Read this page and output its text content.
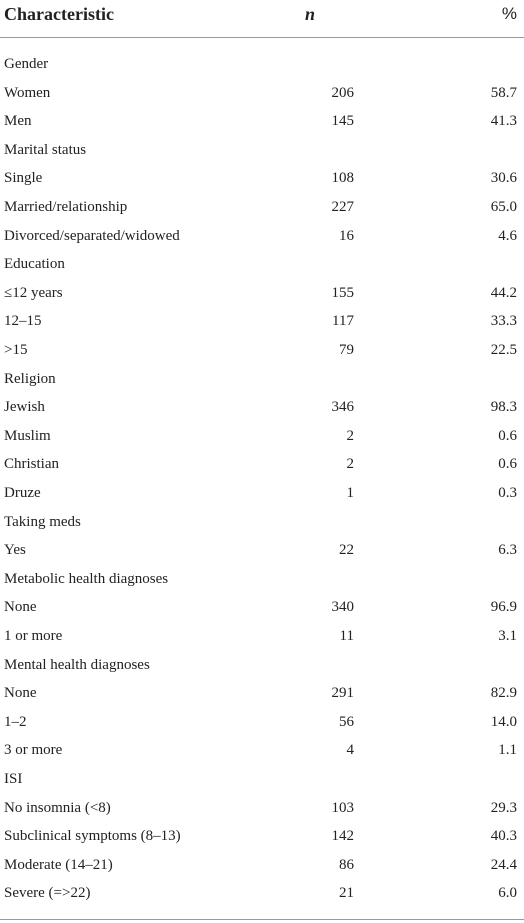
Characteristic	n	%
Gender
Women	206	58.7
Men	145	41.3
Marital status
Single	108	30.6
Married/relationship	227	65.0
Divorced/separated/widowed	16	4.6
Education
≤12 years	155	44.2
12–15	117	33.3
>15	79	22.5
Religion
Jewish	346	98.3
Muslim	2	0.6
Christian	2	0.6
Druze	1	0.3
Taking meds
Yes	22	6.3
Metabolic health diagnoses
None	340	96.9
1 or more	11	3.1
Mental health diagnoses
None	291	82.9
1–2	56	14.0
3 or more	4	1.1
ISI
No insomnia (<8)	103	29.3
Subclinical symptoms (8–13)	142	40.3
Moderate (14–21)	86	24.4
Severe (=>22)	21	6.0
